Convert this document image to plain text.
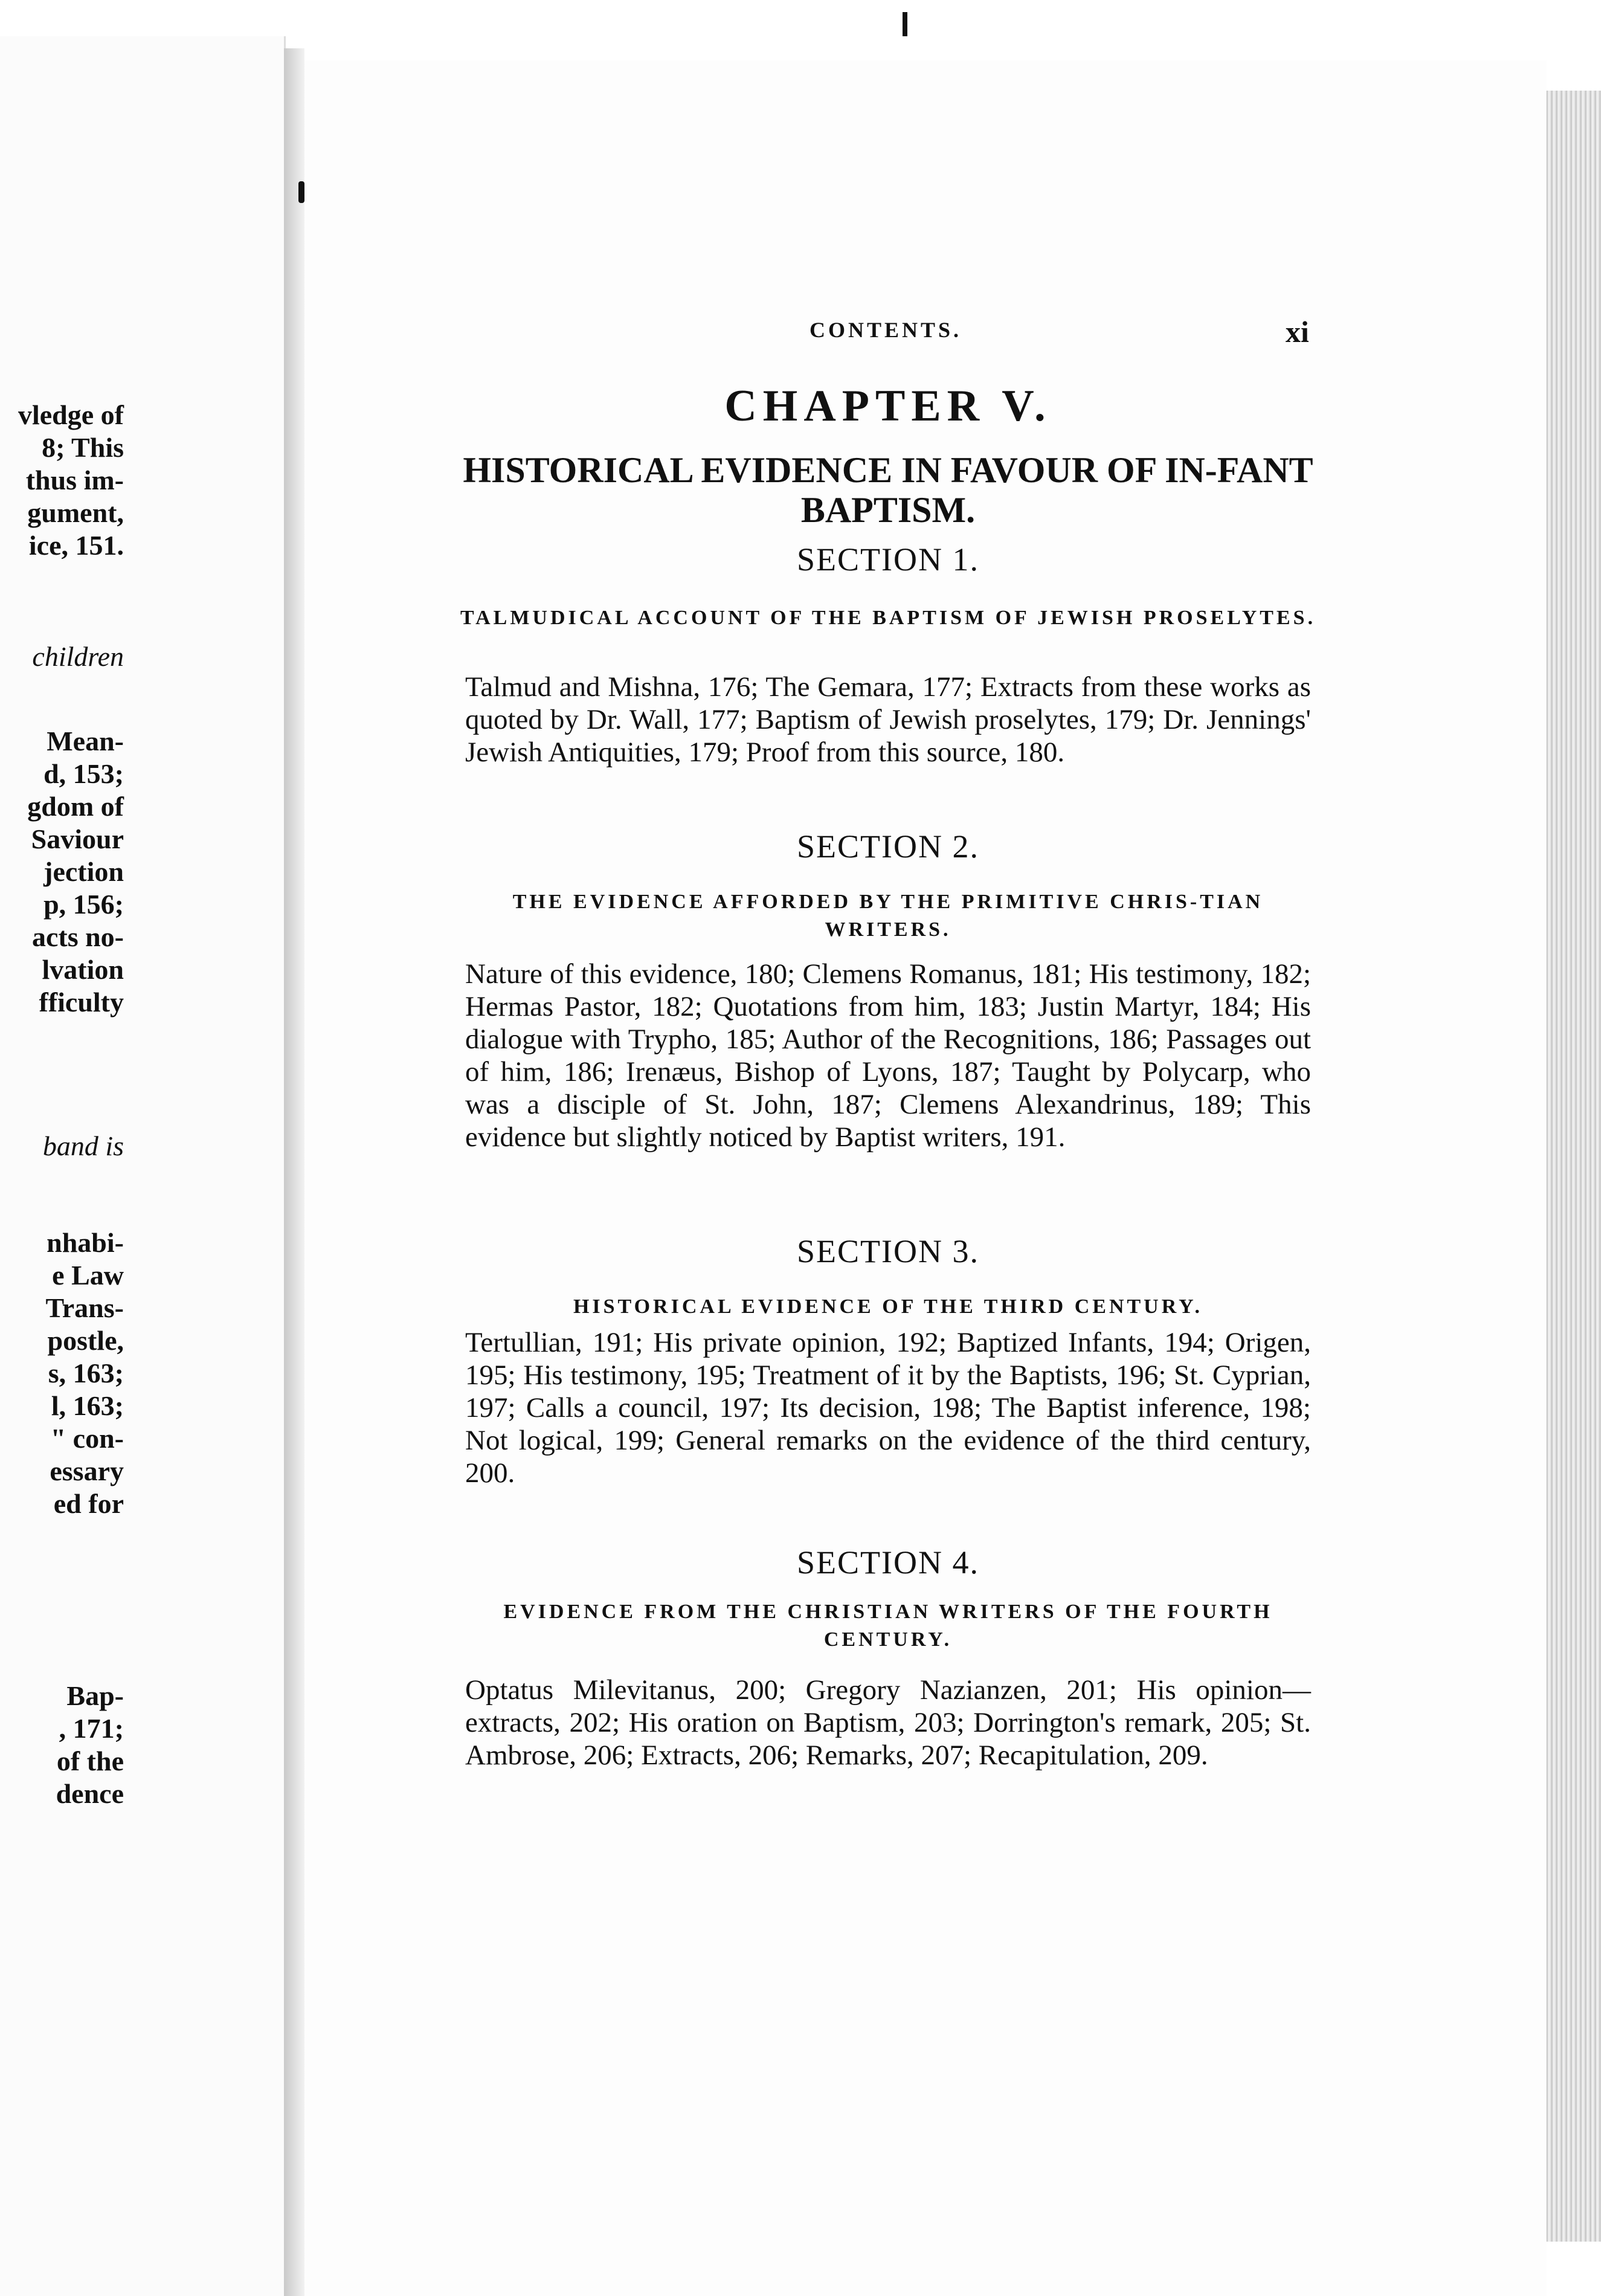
vledge of
8; This
thus im-
gument,
ice, 151.
children
Mean-
d, 153;
gdom of
Saviour
jection
p, 156;
acts no-
lvation
fficulty
band is
nhabi-
e Law
Trans-
postle,
s, 163;
l, 163;
" con-
essary
ed for
Bap-
, 171;
of the
dence
CONTENTS.	xi
CHAPTER V.
HISTORICAL EVIDENCE IN FAVOUR OF IN-FANT BAPTISM.
SECTION 1.
TALMUDICAL ACCOUNT OF THE BAPTISM OF JEWISH PROSELYTES.
Talmud and Mishna, 176; The Gemara, 177; Extracts from these works as quoted by Dr. Wall, 177; Baptism of Jewish proselytes, 179; Dr. Jennings' Jewish Antiquities, 179; Proof from this source, 180.
SECTION 2.
THE EVIDENCE AFFORDED BY THE PRIMITIVE CHRIS-TIAN WRITERS.
Nature of this evidence, 180; Clemens Romanus, 181; His testimony, 182; Hermas Pastor, 182; Quotations from him, 183; Justin Martyr, 184; His dialogue with Trypho, 185; Author of the Recognitions, 186; Passages out of him, 186; Irenæus, Bishop of Lyons, 187; Taught by Polycarp, who was a disciple of St. John, 187; Clemens Alexandrinus, 189; This evidence but slightly noticed by Baptist writers, 191.
SECTION 3.
HISTORICAL EVIDENCE OF THE THIRD CENTURY.
Tertullian, 191; His private opinion, 192; Baptized Infants, 194; Origen, 195; His testimony, 195; Treatment of it by the Baptists, 196; St. Cyprian, 197; Calls a council, 197; Its decision, 198; The Baptist inference, 198; Not logical, 199; General remarks on the evidence of the third century, 200.
SECTION 4.
EVIDENCE FROM THE CHRISTIAN WRITERS OF THE FOURTH CENTURY.
Optatus Milevitanus, 200; Gregory Nazianzen, 201; His opinion—extracts, 202; His oration on Baptism, 203; Dorrington's remark, 205; St. Ambrose, 206; Extracts, 206; Remarks, 207; Recapitulation, 209.
